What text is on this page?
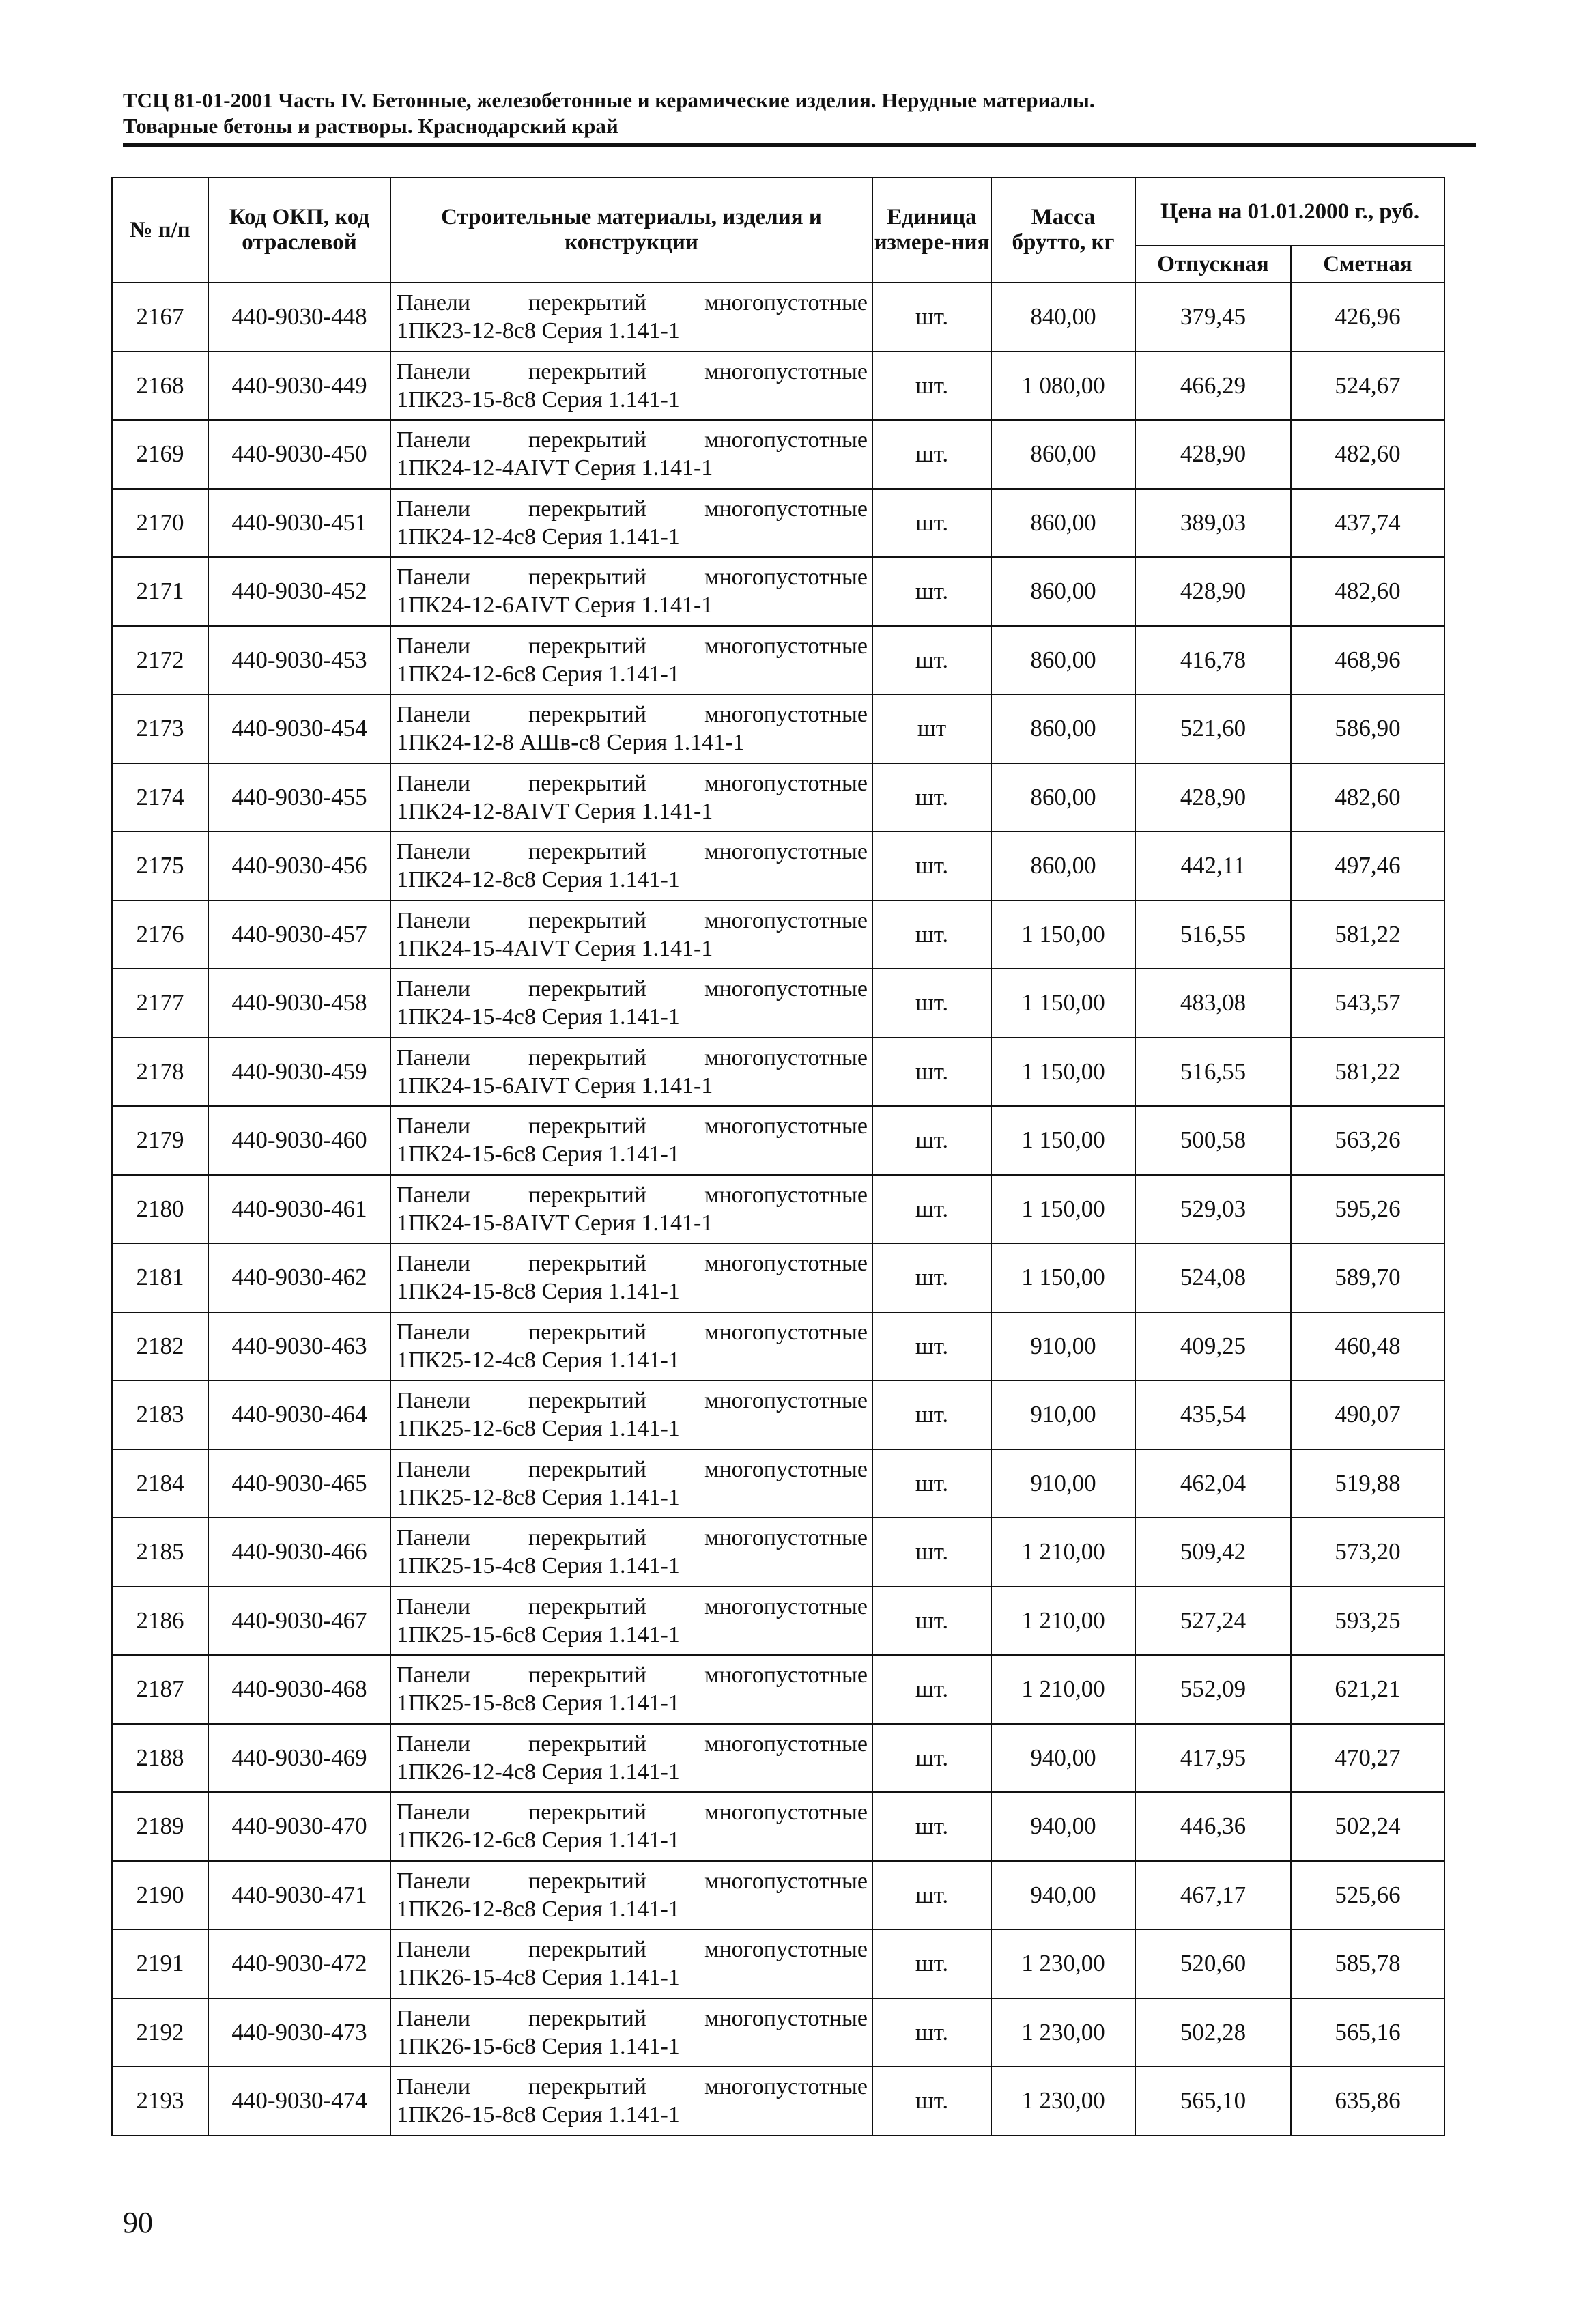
ТСЦ 81-01-2001 Часть IV. Бетонные, железобетонные и керамические изделия. Нерудные материалы.
Товарные бетоны и растворы. Краснодарский край
№ п/п	Код ОКП, код отраслевой	Строительные материалы, изделия и конструкции	Единица измере-ния	Масса брутто, кг	Цена на 01.01.2000 г., руб.	
					Отпускная	Сметная
2167	440-9030-448	Панели перекрытий многопустотные
1ПК23-12-8с8 Серия 1.141-1	шт.	840,00	379,45	426,96
2168	440-9030-449	Панели перекрытий многопустотные
1ПК23-15-8с8 Серия 1.141-1	шт.	1 080,00	466,29	524,67
2169	440-9030-450	Панели перекрытий многопустотные
1ПК24-12-4AIVT Серия 1.141-1	шт.	860,00	428,90	482,60
2170	440-9030-451	Панели перекрытий многопустотные
1ПК24-12-4с8 Серия 1.141-1	шт.	860,00	389,03	437,74
2171	440-9030-452	Панели перекрытий многопустотные
1ПК24-12-6AIVT Серия 1.141-1	шт.	860,00	428,90	482,60
2172	440-9030-453	Панели перекрытий многопустотные
1ПК24-12-6с8 Серия 1.141-1	шт.	860,00	416,78	468,96
2173	440-9030-454	Панели перекрытий многопустотные
1ПК24-12-8 АШв-с8 Серия 1.141-1	шт	860,00	521,60	586,90
2174	440-9030-455	Панели перекрытий многопустотные
1ПК24-12-8AIVT Серия 1.141-1	шт.	860,00	428,90	482,60
2175	440-9030-456	Панели перекрытий многопустотные
1ПК24-12-8с8 Серия 1.141-1	шт.	860,00	442,11	497,46
2176	440-9030-457	Панели перекрытий многопустотные
1ПК24-15-4AIVT Серия 1.141-1	шт.	1 150,00	516,55	581,22
2177	440-9030-458	Панели перекрытий многопустотные
1ПК24-15-4с8 Серия 1.141-1	шт.	1 150,00	483,08	543,57
2178	440-9030-459	Панели перекрытий многопустотные
1ПК24-15-6AIVT Серия 1.141-1	шт.	1 150,00	516,55	581,22
2179	440-9030-460	Панели перекрытий многопустотные
1ПК24-15-6с8 Серия 1.141-1	шт.	1 150,00	500,58	563,26
2180	440-9030-461	Панели перекрытий многопустотные
1ПК24-15-8AIVT Серия 1.141-1	шт.	1 150,00	529,03	595,26
2181	440-9030-462	Панели перекрытий многопустотные
1ПК24-15-8с8 Серия 1.141-1	шт.	1 150,00	524,08	589,70
2182	440-9030-463	Панели перекрытий многопустотные
1ПК25-12-4с8 Серия 1.141-1	шт.	910,00	409,25	460,48
2183	440-9030-464	Панели перекрытий многопустотные
1ПК25-12-6с8 Серия 1.141-1	шт.	910,00	435,54	490,07
2184	440-9030-465	Панели перекрытий многопустотные
1ПК25-12-8с8 Серия 1.141-1	шт.	910,00	462,04	519,88
2185	440-9030-466	Панели перекрытий многопустотные
1ПК25-15-4с8 Серия 1.141-1	шт.	1 210,00	509,42	573,20
2186	440-9030-467	Панели перекрытий многопустотные
1ПК25-15-6с8 Серия 1.141-1	шт.	1 210,00	527,24	593,25
2187	440-9030-468	Панели перекрытий многопустотные
1ПК25-15-8с8 Серия 1.141-1	шт.	1 210,00	552,09	621,21
2188	440-9030-469	Панели перекрытий многопустотные
1ПК26-12-4с8 Серия 1.141-1	шт.	940,00	417,95	470,27
2189	440-9030-470	Панели перекрытий многопустотные
1ПК26-12-6с8 Серия 1.141-1	шт.	940,00	446,36	502,24
2190	440-9030-471	Панели перекрытий многопустотные
1ПК26-12-8с8 Серия 1.141-1	шт.	940,00	467,17	525,66
2191	440-9030-472	Панели перекрытий многопустотные
1ПК26-15-4с8 Серия 1.141-1	шт.	1 230,00	520,60	585,78
2192	440-9030-473	Панели перекрытий многопустотные
1ПК26-15-6с8 Серия 1.141-1	шт.	1 230,00	502,28	565,16
2193	440-9030-474	Панели перекрытий многопустотные
1ПК26-15-8с8 Серия 1.141-1	шт.	1 230,00	565,10	635,86
90
